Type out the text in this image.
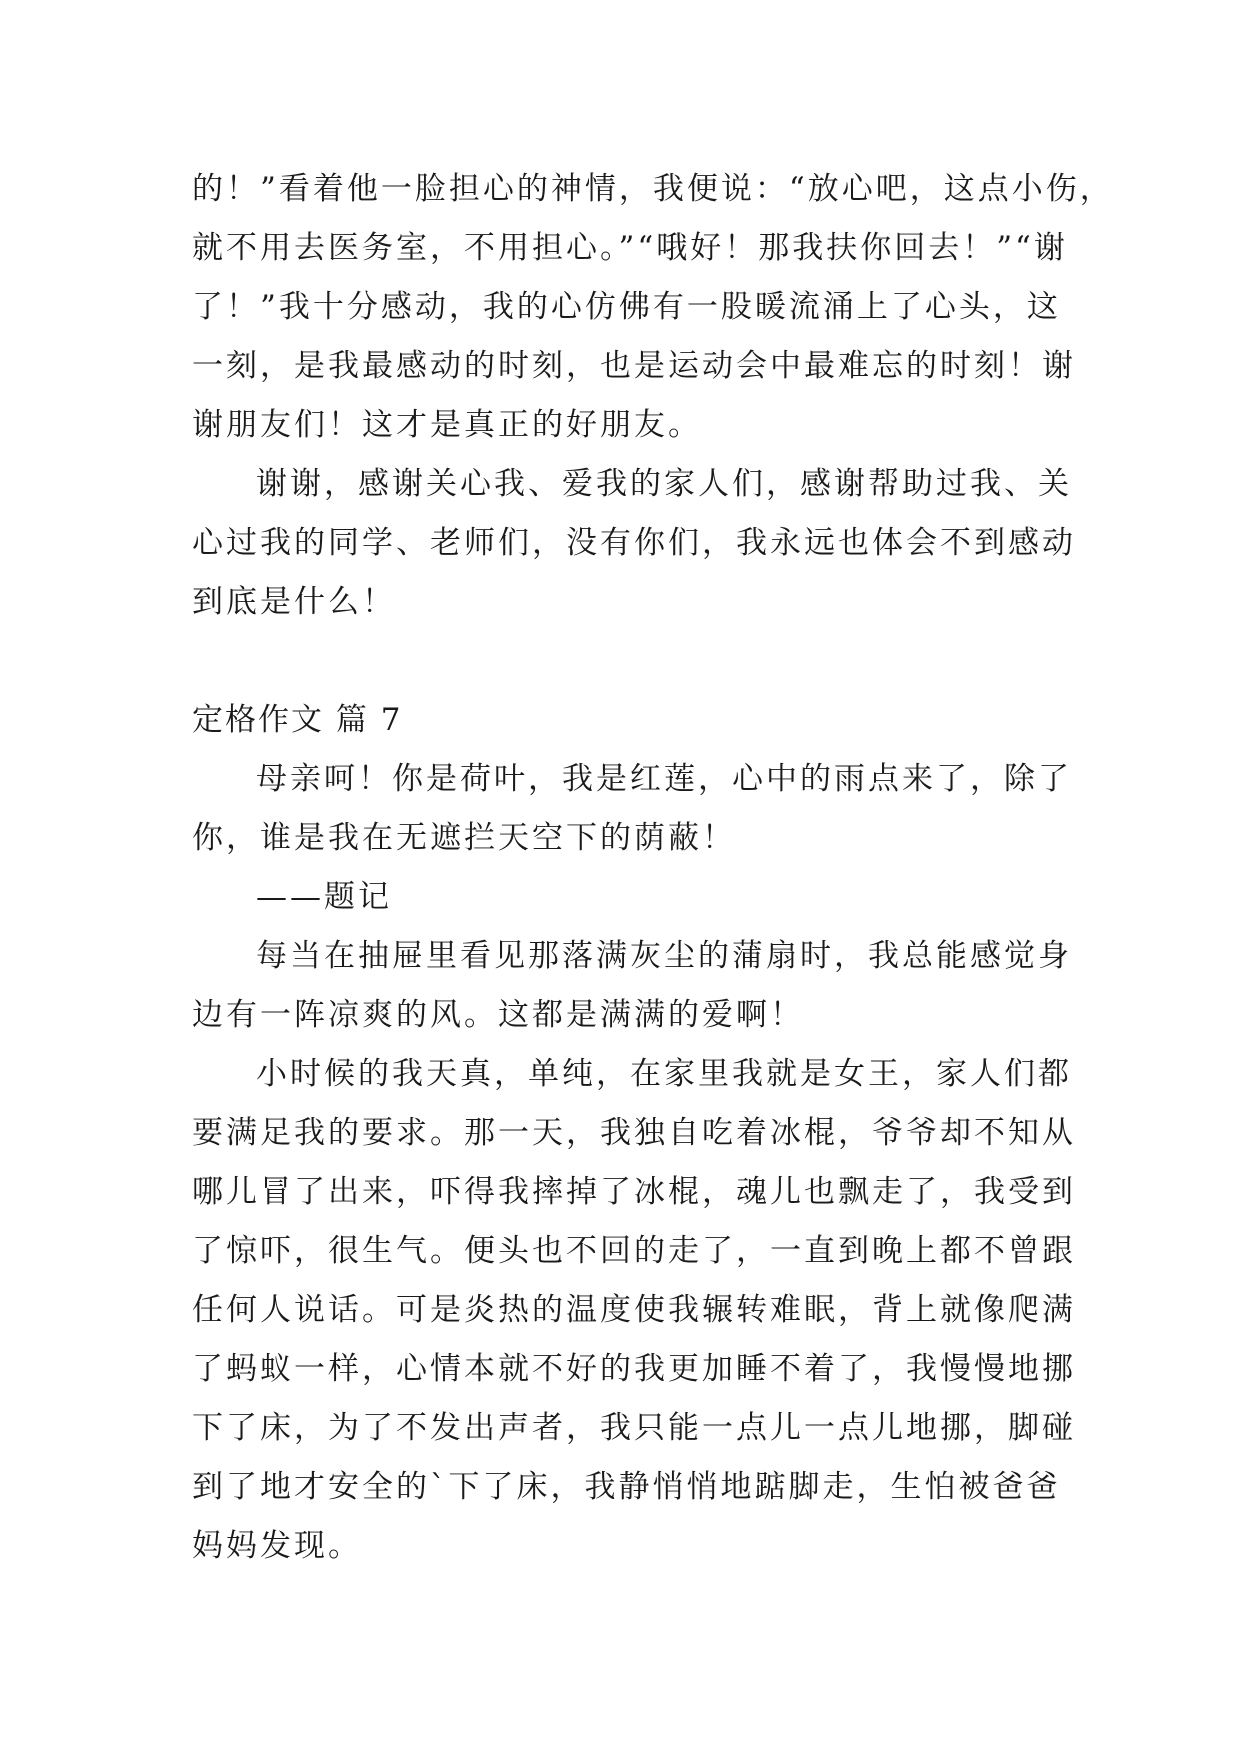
的！”看着他一脸担心的神情，我便说：“放心吧，这点小伤，
就不用去医务室，不用担心。”“哦好！那我扶你回去！”“谢
了！”我十分感动，我的心仿佛有一股暖流涌上了心头，这
一刻，是我最感动的时刻，也是运动会中最难忘的时刻！谢
谢朋友们！这才是真正的好朋友。
谢谢，感谢关心我、爱我的家人们，感谢帮助过我、关
心过我的同学、老师们，没有你们，我永远也体会不到感动
到底是什么！
定格作文 篇 7
母亲呵！你是荷叶，我是红莲，心中的雨点来了，除了
你，谁是我在无遮拦天空下的荫蔽！
——题记
每当在抽屉里看见那落满灰尘的蒲扇时，我总能感觉身
边有一阵凉爽的风。这都是满满的爱啊！
小时候的我天真，单纯，在家里我就是女王，家人们都
要满足我的要求。那一天，我独自吃着冰棍，爷爷却不知从
哪儿冒了出来，吓得我摔掉了冰棍，魂儿也飘走了，我受到
了惊吓，很生气。便头也不回的走了，一直到晚上都不曾跟
任何人说话。可是炎热的温度使我辗转难眠，背上就像爬满
了蚂蚁一样，心情本就不好的我更加睡不着了，我慢慢地挪
下了床，为了不发出声者，我只能一点儿一点儿地挪，脚碰
到了地才安全的`下了床，我静悄悄地踮脚走，生怕被爸爸
妈妈发现。
